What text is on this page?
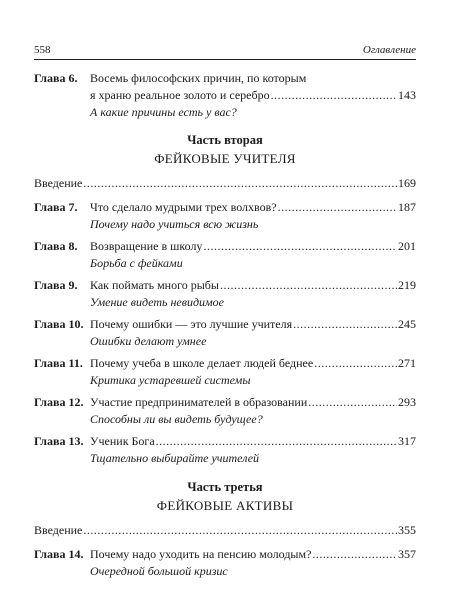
558	Оглавление
Глава 6. Восемь философских причин, по которым
я храню реальное золото и серебро .....	143
А какие причины есть у вас?
Часть вторая
ФЕЙКОВЫЕ УЧИТЕЛЯ
Введение .....	169
Глава 7. Что сделало мудрыми трех волхвов? .....	187
Почему надо учиться всю жизнь
Глава 8. Возвращение в школу .....	201
Борьба с фейками
Глава 9. Как поймать много рыбы .....	219
Умение видеть невидимое
Глава 10. Почему ошибки — это лучшие учителя .....	245
Ошибки делают умнее
Глава 11. Почему учеба в школе делает людей беднее .....	271
Критика устаревшей системы
Глава 12. Участие предпринимателей в образовании .....	293
Способны ли вы видеть будущее?
Глава 13. Ученик Бога .....	317
Тщательно выбирайте учителей
Часть третья
ФЕЙКОВЫЕ АКТИВЫ
Введение .....	355
Глава 14. Почему надо уходить на пенсию молодым? .....	357
Очередной большой кризис
